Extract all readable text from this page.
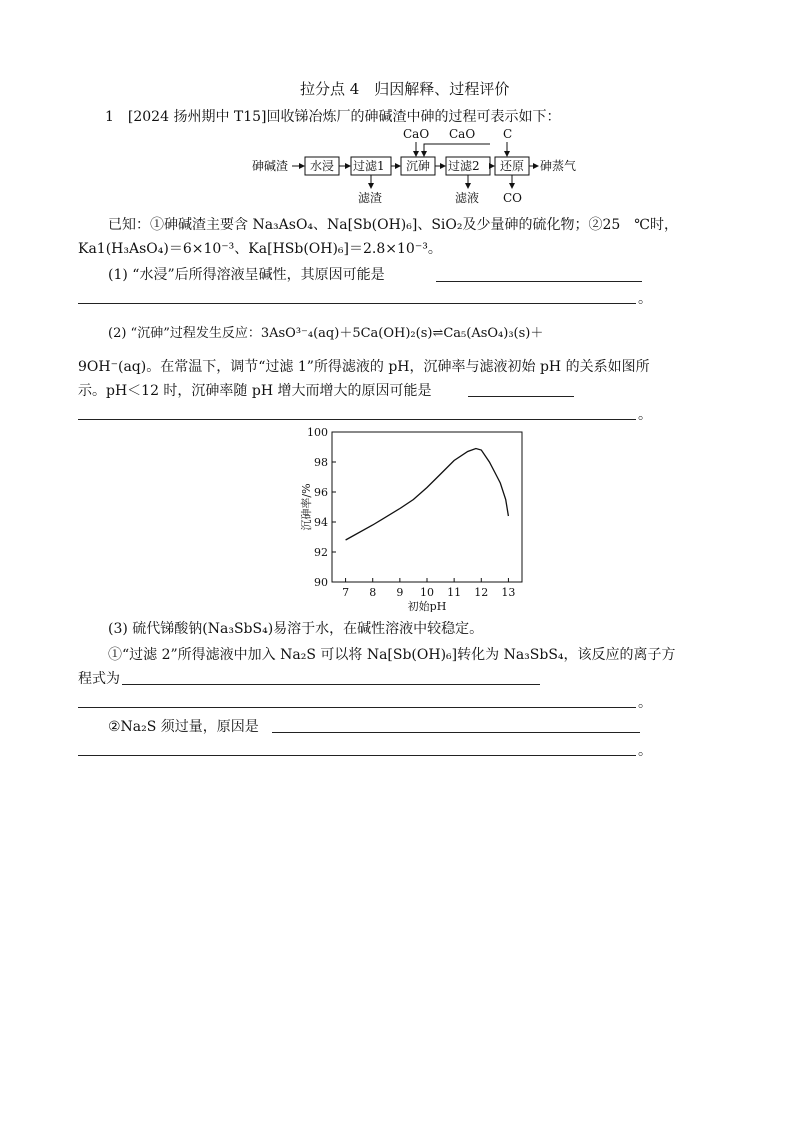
拉分点 4　归因解释、过程评价
1　[2024 扬州期中 T15]回收锑冶炼厂的砷碱渣中砷的过程可表示如下：
砷碱渣 水浸 过滤1 沉砷 过滤2 还原 砷蒸气
CaO CaO C
滤渣	滤液 CO
已知：①砷碱渣主要含 Na₃AsO₄、Na[Sb(OH)₆]、SiO₂及少量砷的硫化物；②25　℃时，
Ka1(H₃AsO₄)＝6×10⁻³、Ka[HSb(OH)₆]＝2.8×10⁻³。
(1) “水浸”后所得溶液呈碱性，其原因可能是
。
(2) “沉砷”过程发生反应：3AsO³⁻₄(aq)＋5Ca(OH)₂(s)⇌Ca₅(AsO₄)₃(s)＋
9OH⁻(aq)。在常温下，调节“过滤 1”所得滤液的 pH，沉砷率与滤液初始 pH 的关系如图所
示。pH＜12 时，沉砷率随 pH 增大而增大的原因可能是
。
7 8 9 10 11 12 13
90
92
94
96
98
100
初始pH
沉砷率/%
(3) 硫代锑酸钠(Na₃SbS₄)易溶于水，在碱性溶液中较稳定。
①“过滤 2”所得滤液中加入 Na₂S 可以将 Na[Sb(OH)₆]转化为 Na₃SbS₄，该反应的离子方
程式为
。
②Na₂S 须过量，原因是
。
